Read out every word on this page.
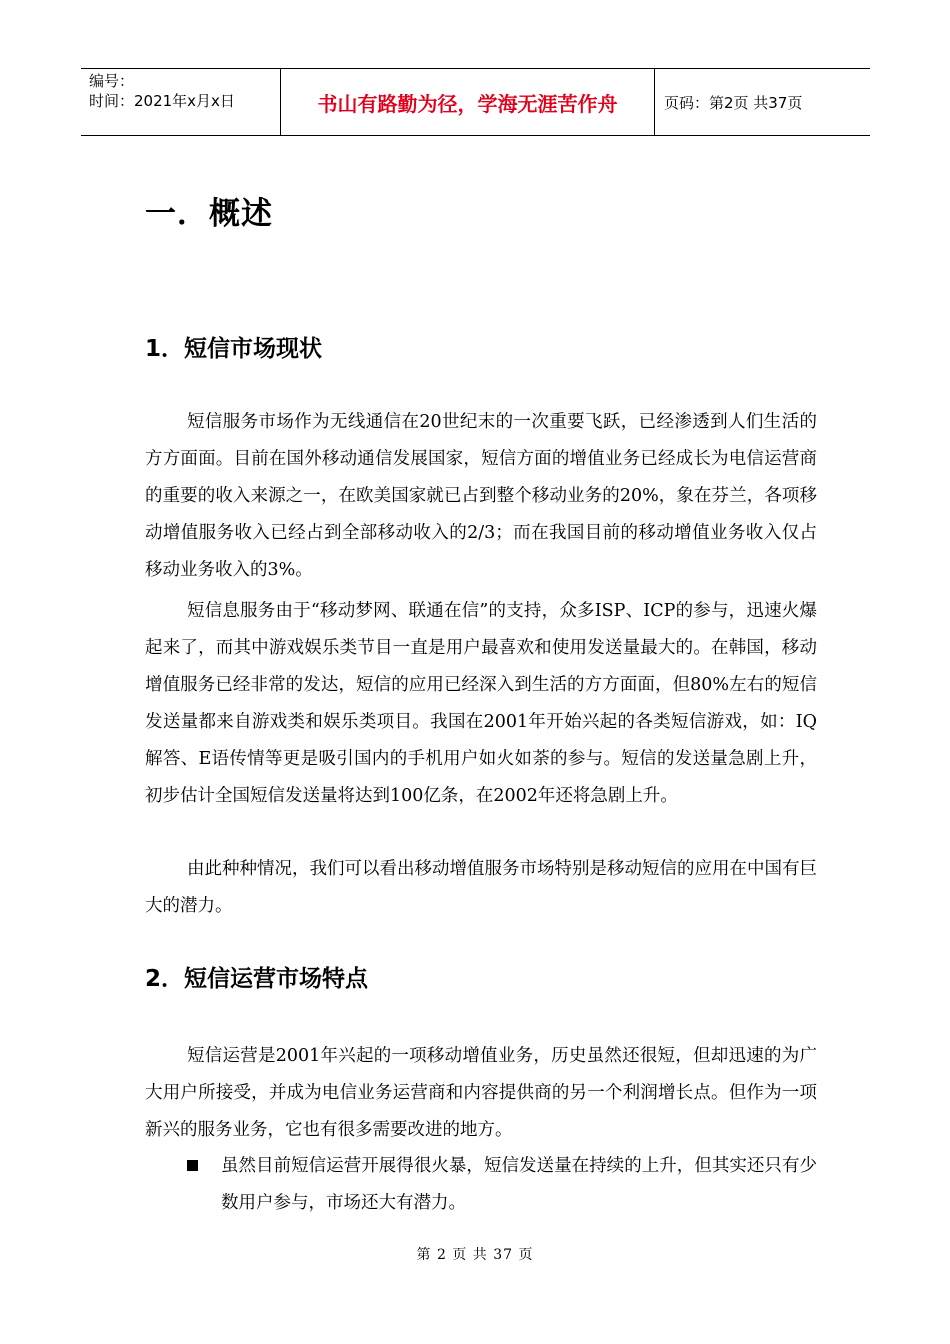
编号：
时间：2021年x月x日	书山有路勤为径，学海无涯苦作舟	页码：第2页 共37页
一．概述
1．短信市场现状
短信服务市场作为无线通信在20世纪末的一次重要飞跃，已经渗透到人们生活的方方面面。目前在国外移动通信发展国家，短信方面的增值业务已经成长为电信运营商的重要的收入来源之一，在欧美国家就已占到整个移动业务的20%，象在芬兰，各项移动增值服务收入已经占到全部移动收入的2/3；而在我国目前的移动增值业务收入仅占移动业务收入的3%。
短信息服务由于“移动梦网、联通在信”的支持，众多ISP、ICP的参与，迅速火爆起来了，而其中游戏娱乐类节目一直是用户最喜欢和使用发送量最大的。在韩国，移动增值服务已经非常的发达，短信的应用已经深入到生活的方方面面，但80%左右的短信发送量都来自游戏类和娱乐类项目。我国在2001年开始兴起的各类短信游戏，如：IQ解答、E语传情等更是吸引国内的手机用户如火如荼的参与。短信的发送量急剧上升，初步估计全国短信发送量将达到100亿条，在2002年还将急剧上升。
由此种种情况，我们可以看出移动增值服务市场特别是移动短信的应用在中国有巨大的潜力。
2．短信运营市场特点
短信运营是2001年兴起的一项移动增值业务，历史虽然还很短，但却迅速的为广大用户所接受，并成为电信业务运营商和内容提供商的另一个利润增长点。但作为一项新兴的服务业务，它也有很多需要改进的地方。
虽然目前短信运营开展得很火暴，短信发送量在持续的上升，但其实还只有少数用户参与，市场还大有潜力。
第 2 页 共 37 页
